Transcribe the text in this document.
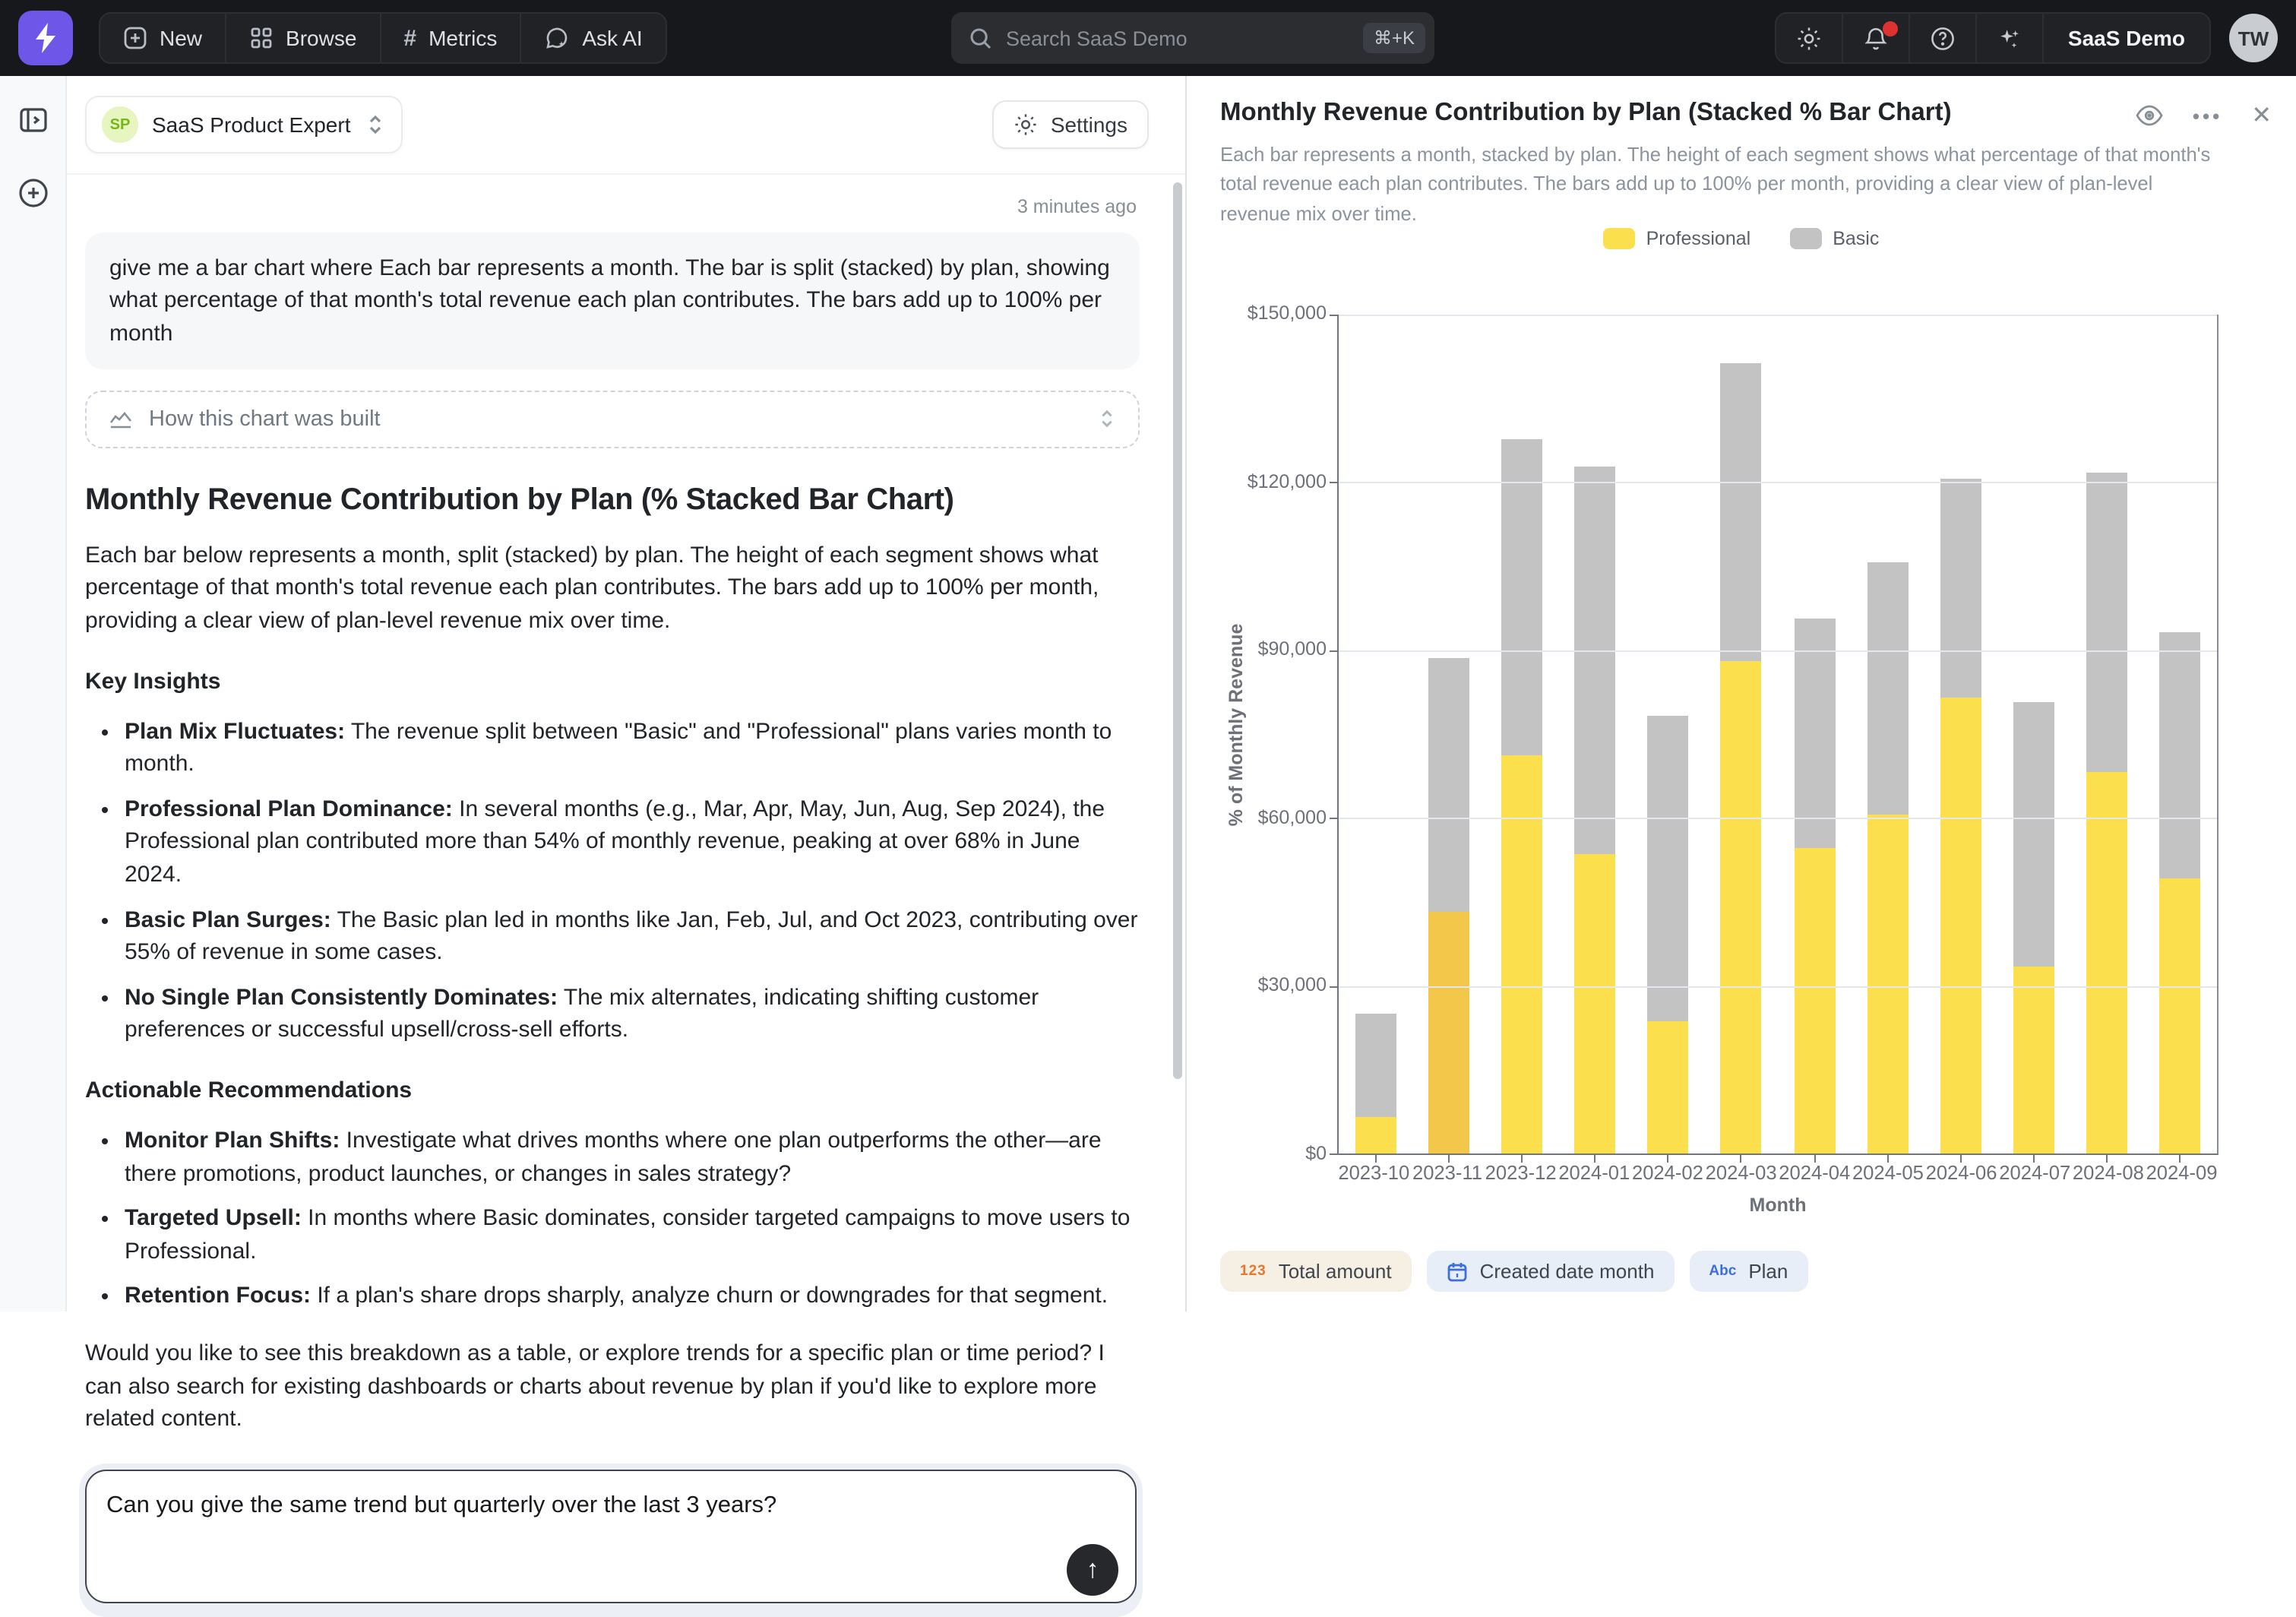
New	Browse	# Metrics	Ask AI	Search SaaS Demo	⌘+K	SaaS Demo	TW
SP	SaaS Product Expert	Settings
3 minutes ago
give me a bar chart where Each bar represents a month. The bar is split (stacked) by plan, showing what percentage of that month's total revenue each plan contributes. The bars add up to 100% per month
How this chart was built
Monthly Revenue Contribution by Plan (% Stacked Bar Chart)

Each bar below represents a month, split (stacked) by plan. The height of each segment shows what percentage of that month's total revenue each plan contributes. The bars add up to 100% per month, providing a clear view of plan-level revenue mix over time.

Key Insights
• Plan Mix Fluctuates: The revenue split between "Basic" and "Professional" plans varies month to month.
• Professional Plan Dominance: In several months (e.g., Mar, Apr, May, Jun, Aug, Sep 2024), the Professional plan contributed more than 54% of monthly revenue, peaking at over 68% in June 2024.
• Basic Plan Surges: The Basic plan led in months like Jan, Feb, Jul, and Oct 2023, contributing over 55% of revenue in some cases.
• No Single Plan Consistently Dominates: The mix alternates, indicating shifting customer preferences or successful upsell/cross-sell efforts.
Actionable Recommendations
• Monitor Plan Shifts: Investigate what drives months where one plan outperforms the other—are there promotions, product launches, or changes in sales strategy?
• Targeted Upsell: In months where Basic dominates, consider targeted campaigns to move users to Professional.
• Retention Focus: If a plan's share drops sharply, analyze churn or downgrades for that segment.

Would you like to see this breakdown as a table, or explore trends for a specific plan or time period? I can also search for existing dashboards or charts about revenue by plan if you'd like to explore more related content.

Can you give the same trend but quarterly over the last 3 years?
↑
Monthly Revenue Contribution by Plan (Stacked % Bar Chart)
Each bar represents a month, stacked by plan. The height of each segment shows what percentage of that month's total revenue each plan contributes. The bars add up to 100% per month, providing a clear view of plan-level revenue mix over time.
••• ✕
Professional	Basic
$150,000
$120,000
$90,000
$60,000
$30,000
$0
% of Monthly Revenue
2023-10 2023-11 2023-12 2024-01 2024-02 2024-03 2024-04 2024-05 2024-06 2024-07 2024-08 2024-09
Month
123 Total amount	Created date month	Abc Plan
